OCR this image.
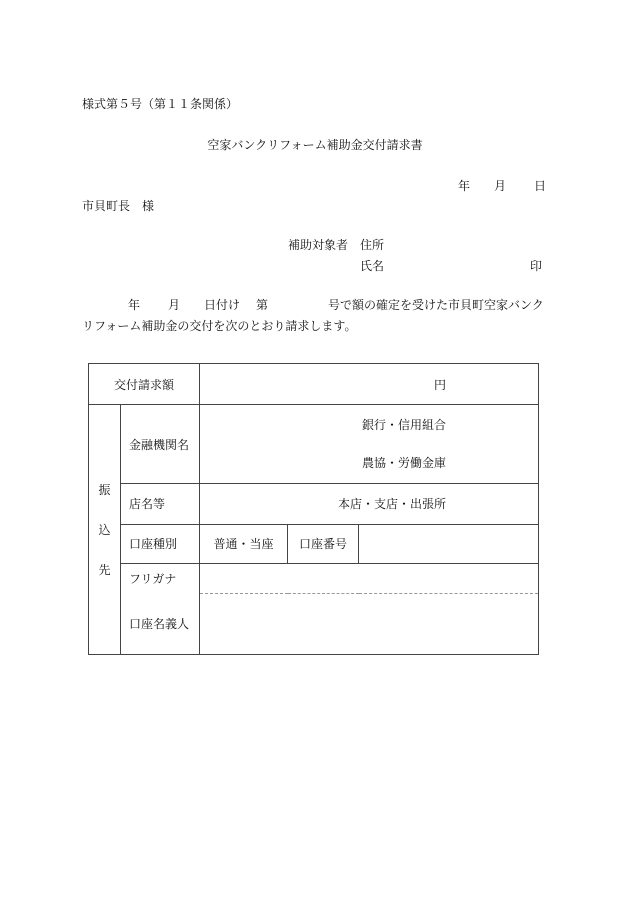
様式第５号（第１１条関係）
空家バンクリフォーム補助金交付請求書
年 月 日
市貝町長　様
補助対象者 住所
氏名	印
年 月 日付け 第	号で額の確定を受けた市貝町空家バンク
リフォーム補助金の交付を次のとおり請求します。
交付請求額		円		

振
込
先	金融機関名	銀行・信用組合
農協・労働金庫		

	店名等	本店・支店・出張所		
	口座種別	普通・当座	口座番号	
	フリガナ			
	口座名義人			
